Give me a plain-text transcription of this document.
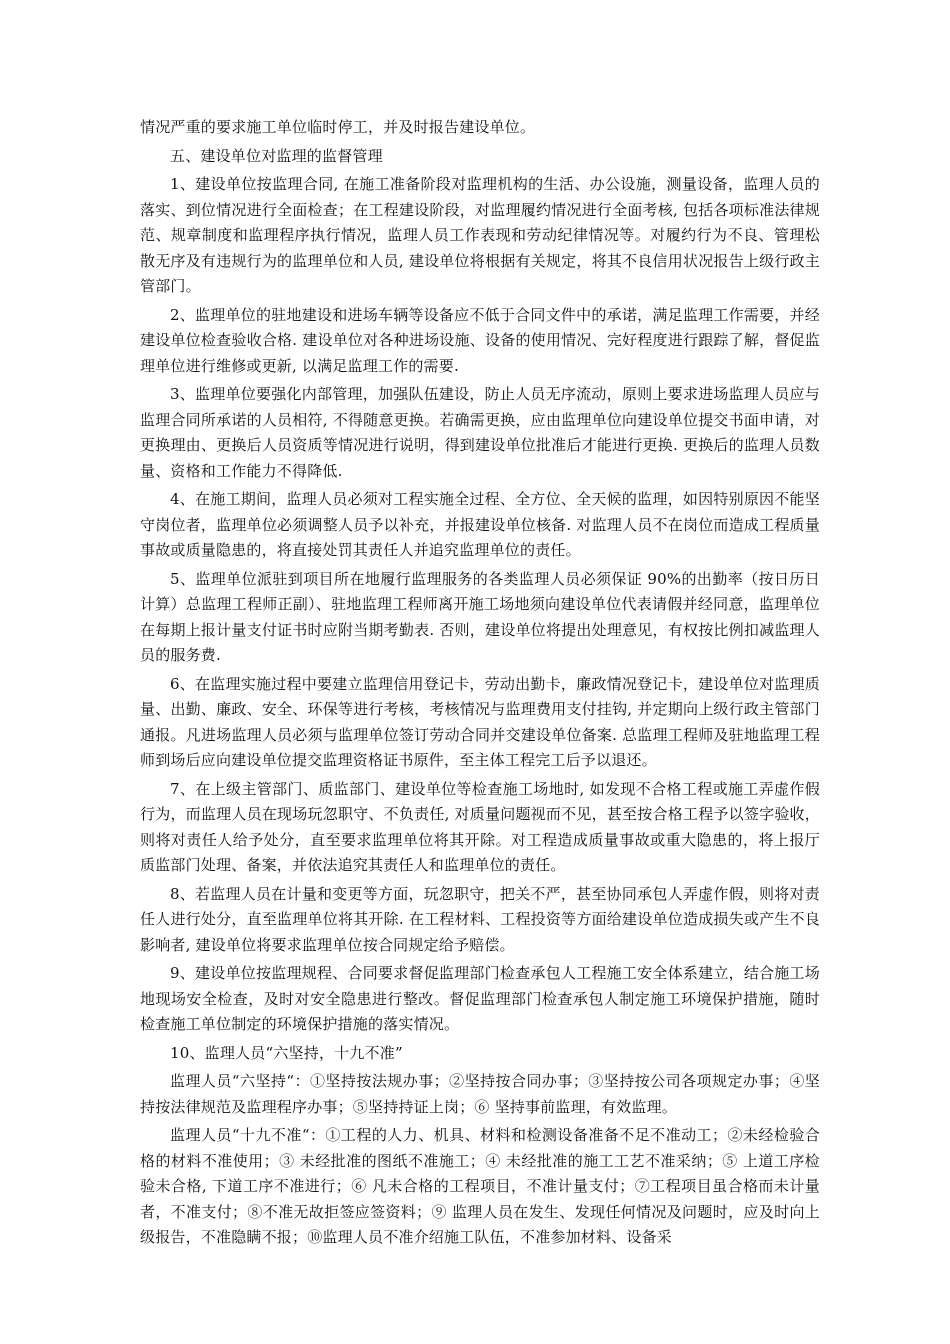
情况严重的要求施工单位临时停工，并及时报告建设单位。

五、建设单位对监理的监督管理

1、建设单位按监理合同, 在施工准备阶段对监理机构的生活、办公设施，测量设备，监理人员的落实、到位情况进行全面检查；在工程建设阶段，对监理履约情况进行全面考核, 包括各项标准法律规范、规章制度和监理程序执行情况，监理人员工作表现和劳动纪律情况等。对履约行为不良、管理松散无序及有违规行为的监理单位和人员, 建设单位将根据有关规定，将其不良信用状况报告上级行政主管部门。

2、监理单位的驻地建设和进场车辆等设备应不低于合同文件中的承诺，满足监理工作需要，并经建设单位检查验收合格. 建设单位对各种进场设施、设备的使用情况、完好程度进行跟踪了解，督促监理单位进行维修或更新, 以满足监理工作的需要.

3、监理单位要强化内部管理，加强队伍建设，防止人员无序流动，原则上要求进场监理人员应与监理合同所承诺的人员相符, 不得随意更换。若确需更换，应由监理单位向建设单位提交书面申请，对更换理由、更换后人员资质等情况进行说明，得到建设单位批准后才能进行更换. 更换后的监理人员数量、资格和工作能力不得降低.

4、在施工期间，监理人员必须对工程实施全过程、全方位、全天候的监理，如因特别原因不能坚守岗位者，监理单位必须调整人员予以补充，并报建设单位核备. 对监理人员不在岗位而造成工程质量事故或质量隐患的，将直接处罚其责任人并追究监理单位的责任。

5、监理单位派驻到项目所在地履行监理服务的各类监理人员必须保证 90%的出勤率（按日历日计算）总监理工程师正副）、驻地监理工程师离开施工场地须向建设单位代表请假并经同意，监理单位在每期上报计量支付证书时应附当期考勤表. 否则，建设单位将提出处理意见，有权按比例扣减监理人员的服务费.

6、在监理实施过程中要建立监理信用登记卡，劳动出勤卡，廉政情况登记卡，建设单位对监理质量、出勤、廉政、安全、环保等进行考核，考核情况与监理费用支付挂钩, 并定期向上级行政主管部门通报。凡进场监理人员必须与监理单位签订劳动合同并交建设单位备案. 总监理工程师及驻地监理工程师到场后应向建设单位提交监理资格证书原件，至主体工程完工后予以退还。

7、在上级主管部门、质监部门、建设单位等检查施工场地时, 如发现不合格工程或施工弄虚作假行为，而监理人员在现场玩忽职守、不负责任, 对质量问题视而不见，甚至按合格工程予以签字验收，则将对责任人给予处分，直至要求监理单位将其开除。对工程造成质量事故或重大隐患的，将上报厅质监部门处理、备案，并依法追究其责任人和监理单位的责任。

8、若监理人员在计量和变更等方面，玩忽职守，把关不严，甚至协同承包人弄虚作假，则将对责任人进行处分，直至监理单位将其开除. 在工程材料、工程投资等方面给建设单位造成损失或产生不良影响者, 建设单位将要求监理单位按合同规定给予赔偿。

9、建设单位按监理规程、合同要求督促监理部门检查承包人工程施工安全体系建立，结合施工场地现场安全检查，及时对安全隐患进行整改。督促监理部门检查承包人制定施工环境保护措施，随时检查施工单位制定的环境保护措施的落实情况。

10、监理人员“六坚持，十九不准”

监理人员“六坚持“：①坚持按法规办事；②坚持按合同办事；③坚持按公司各项规定办事；④坚持按法律规范及监理程序办事；⑤坚持持证上岗；⑥ 坚持事前监理，有效监理。

监理人员“十九不准“：①工程的人力、机具、材料和检测设备准备不足不准动工；②未经检验合格的材料不准使用；③ 未经批准的图纸不准施工；④ 未经批准的施工工艺不准采纳；⑤ 上道工序检验未合格, 下道工序不准进行；⑥ 凡未合格的工程项目，不准计量支付；⑦工程项目虽合格而未计量者，不准支付；⑧不准无故拒签应签资料；⑨ 监理人员在发生、发现任何情况及问题时，应及时向上级报告，不准隐瞒不报；⑩监理人员不准介绍施工队伍，不准参加材料、设备采
